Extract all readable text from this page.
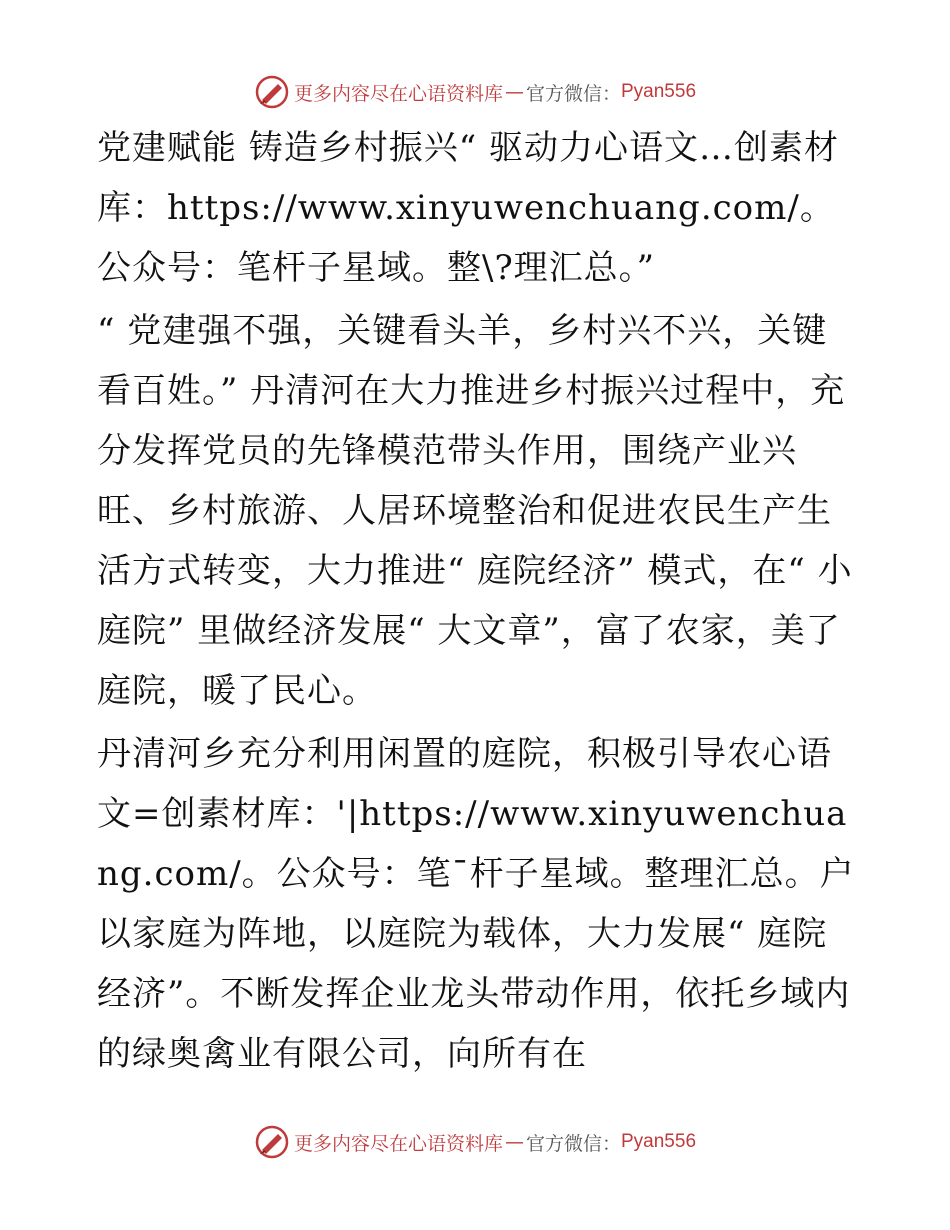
更多内容尽在心语资料库 — 官方微信： Pyan556

党建赋能 铸造乡村振兴“ 驱动力心语文…创素材库：https://www.xinyuwenchuang.com/。公众号：笔杆子星域。整\?理汇总。”

“ 党建强不强，关键看头羊，乡村兴不兴，关键看百姓。” 丹清河在大力推进乡村振兴过程中，充分发挥党员的先锋模范带头作用，围绕产业兴旺、乡村旅游、人居环境整治和促进农民生产生活方式转变，大力推进“ 庭院经济” 模式，在“ 小庭院” 里做经济发展“ 大文章”，富了农家，美了庭院，暖了民心。

丹清河乡充分利用闲置的庭院，积极引导农心语文=创素材库：'|https://www.xinyuwenchuang.com/。公众号：笔¯杆子星域。整理汇总。户以家庭为阵地，以庭院为载体，大力发展“ 庭院经济”。不断发挥企业龙头带动作用，依托乡域内的绿奥禽业有限公司，向所有在

更多内容尽在心语资料库 — 官方微信： Pyan556
